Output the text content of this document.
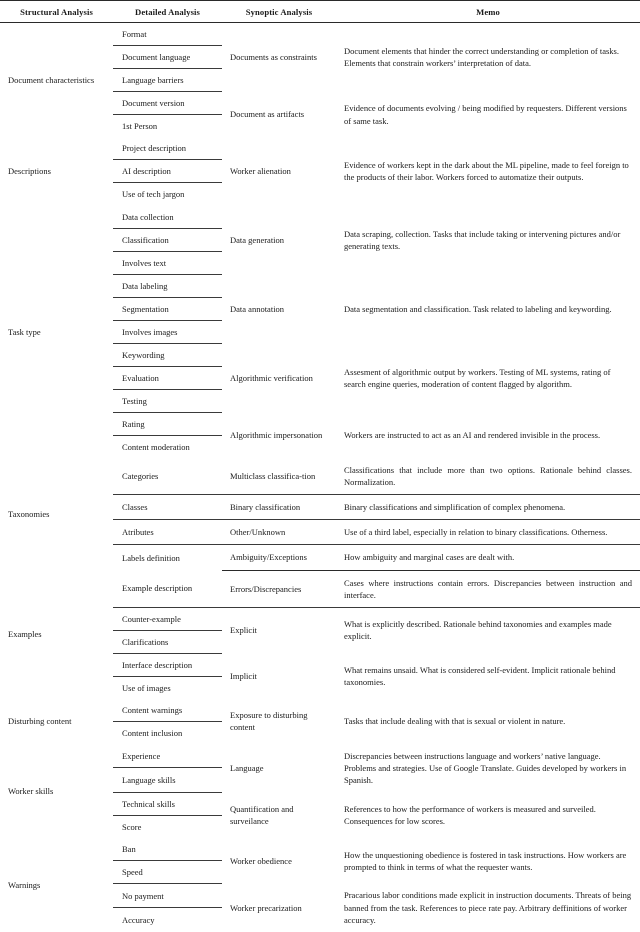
Structural Analysis	Detailed Analysis	Synoptic Analysis	Memo

Document characteristics	Format	Documents as constraints	Document elements that hinder the correct understanding or completion of tasks. Elements that constrain workers’ interpretation of data.
	Document language		
	Language barriers		
	Document version	Document as artifacts	Evidence of documents evolving / being modified by requesters. Different versions of same task.
	1st Person		

Descriptions	Project description	Worker alienation	Evidence of workers kept in the dark about the ML pipeline, made to feel foreign to the products of their labor. Workers forced to automatize their outputs.
	AI description		
	Use of tech jargon		

Task type	Data collection	Data generation	Data scraping, collection. Tasks that include taking or intervening pictures and/or generating texts.
	Classification		
	Involves text		
	Data labeling	Data annotation	Data segmentation and classification. Task related to labeling and keywording.
	Segmentation		
	Involves images		
	Keywording	Algorithmic verification	Assesment of algorithmic output by workers. Testing of ML systems, rating of search engine queries, moderation of content flagged by algorithm.
	Evaluation		
	Testing		
	Rating	Algorithmic impersonation	Workers are instructed to act as an AI and rendered invisible in the process.
	Content moderation		

Taxonomies	Categories	Multiclass classifica-tion	Classifications that include more than two options. Rationale behind classes. Normalization.
	Classes	Binary classification	Binary classifications and simplification of complex phenomena.
	Atributes	Other/Unknown	Use of a third label, especially in relation to binary classifications. Otherness.
	Labels definition	Ambiguity/Exceptions	How ambiguity and marginal cases are dealt with.

Examples	Example description	Errors/Discrepancies	Cases where instructions contain errors. Discrepancies between instruction and interface.
	Counter-example	Explicit	What is explicitly described. Rationale behind taxonomies and examples made explicit.
	Clarifications		
	Interface description	Implicit	What remains unsaid. What is considered self-evident. Implicit rationale behind taxonomies.
	Use of images		

Disturbing content	Content warnings	Exposure to disturbing content	Tasks that include dealing with that is sexual or violent in nature.
	Content inclusion		

Worker skills	Experience	Language	Discrepancies between instructions language and workers’ native language. Problems and strategies. Use of Google Translate. Guides developed by workers in Spanish.
	Language skills		
	Technical skills	Quantification and surveilance	References to how the performance of workers is measured and surveiled. Consequences for low scores.
	Score		

Warnings	Ban	Worker obedience	How the unquestioning obedience is fostered in task instructions. How workers are prompted to think in terms of what the requester wants.
	Speed		
	No payment	Worker precarization	Pracarious labor conditions made explicit in instruction documents. Threats of being banned from the task. References to piece rate pay. Arbitrary deffinitions of worker accuracy.
	Accuracy		
